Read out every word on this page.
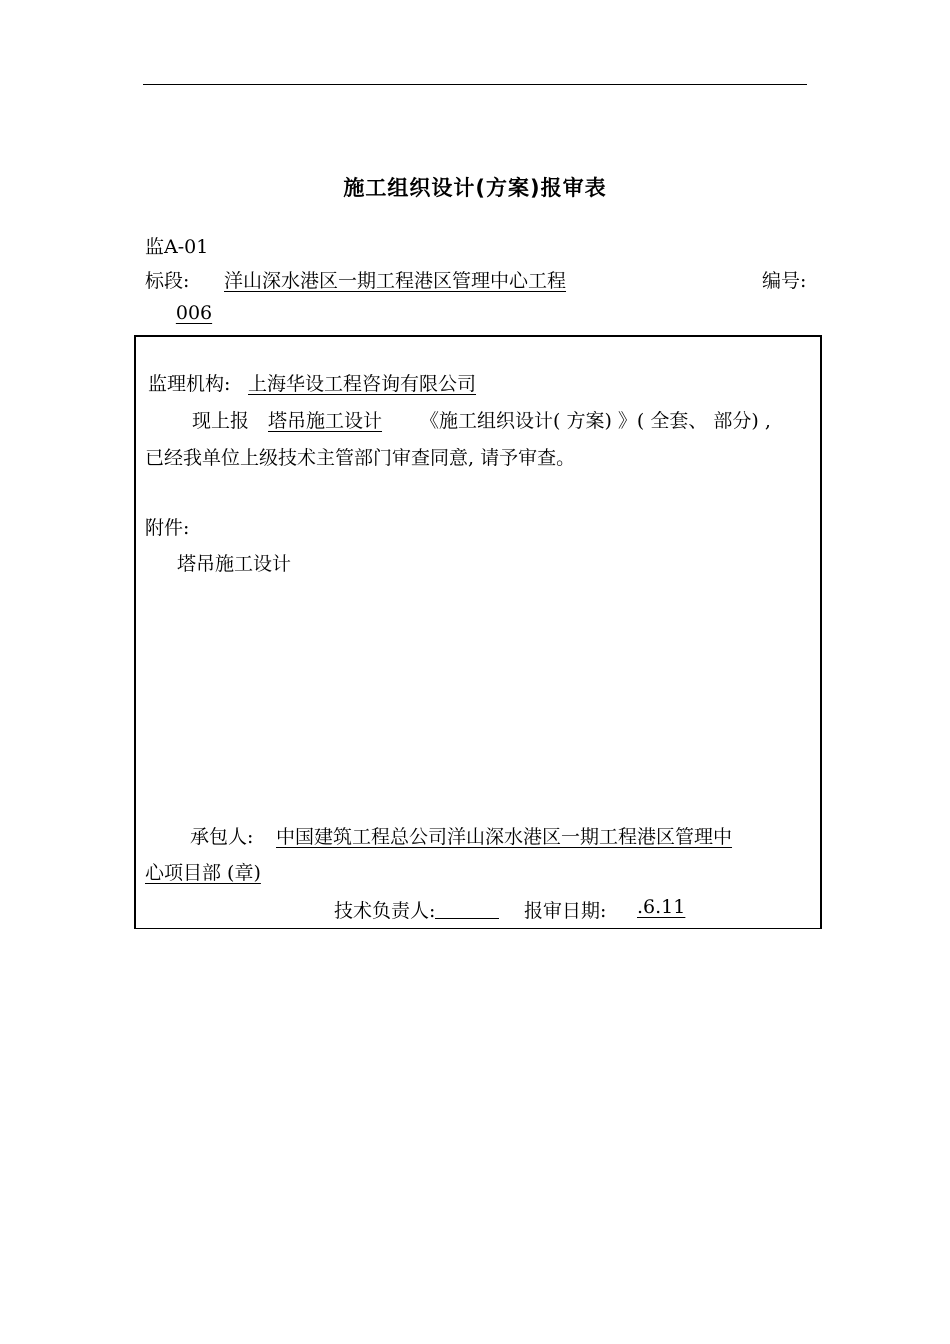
施工组织设计(方案)报审表
监A-01
标段:	洋山深水港区一期工程港区管理中心工程	编号:
006
监理机构: 上海华设工程咨询有限公司
现上报 塔吊施工设计	《施工组织设计( 方案) 》( 全套、 部分) ,
已经我单位上级技术主管部门审查同意, 请予审查。
附件:
塔吊施工设计
承包人:	中国建筑工程总公司洋山深水港区一期工程港区管理中
心项目部 (章)
技术负责人:	报审日期:	.6.11
